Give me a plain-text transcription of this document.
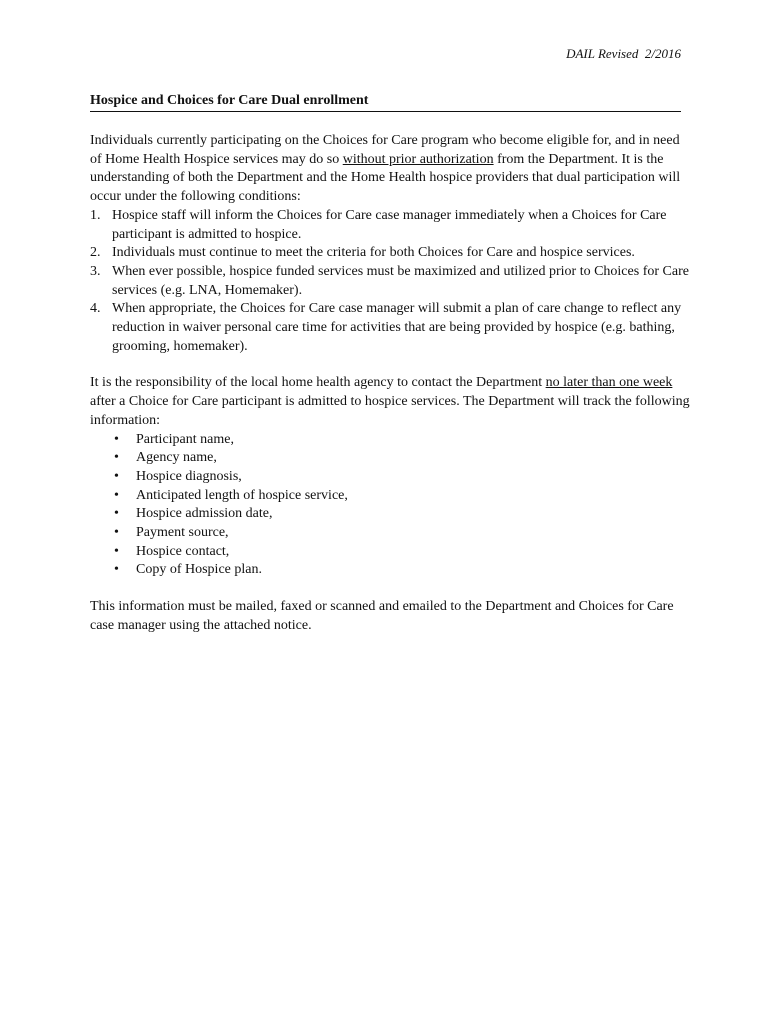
DAIL Revised  2/2016
Hospice and Choices for Care Dual enrollment

Individuals currently participating on the Choices for Care program who become eligible for, and in need of Home Health Hospice services may do so without prior authorization from the Department. It is the understanding of both the Department and the Home Health hospice providers that dual participation will occur under the following conditions:

1. Hospice staff will inform the Choices for Care case manager immediately when a Choices for Care participant is admitted to hospice.
2. Individuals must continue to meet the criteria for both Choices for Care and hospice services.
3. When ever possible, hospice funded services must be maximized and utilized prior to Choices for Care services (e.g. LNA, Homemaker).
4. When appropriate, the Choices for Care case manager will submit a plan of care change to reflect any reduction in waiver personal care time for activities that are being provided by hospice (e.g. bathing, grooming, homemaker).

It is the responsibility of the local home health agency to contact the Department no later than one week after a Choice for Care participant is admitted to hospice services. The Department will track the following information:

• Participant name,
• Agency name,
• Hospice diagnosis,
• Anticipated length of hospice service,
• Hospice admission date,
• Payment source,
• Hospice contact,
• Copy of Hospice plan.

This information must be mailed, faxed or scanned and emailed to the Department and Choices for Care case manager using the attached notice.
